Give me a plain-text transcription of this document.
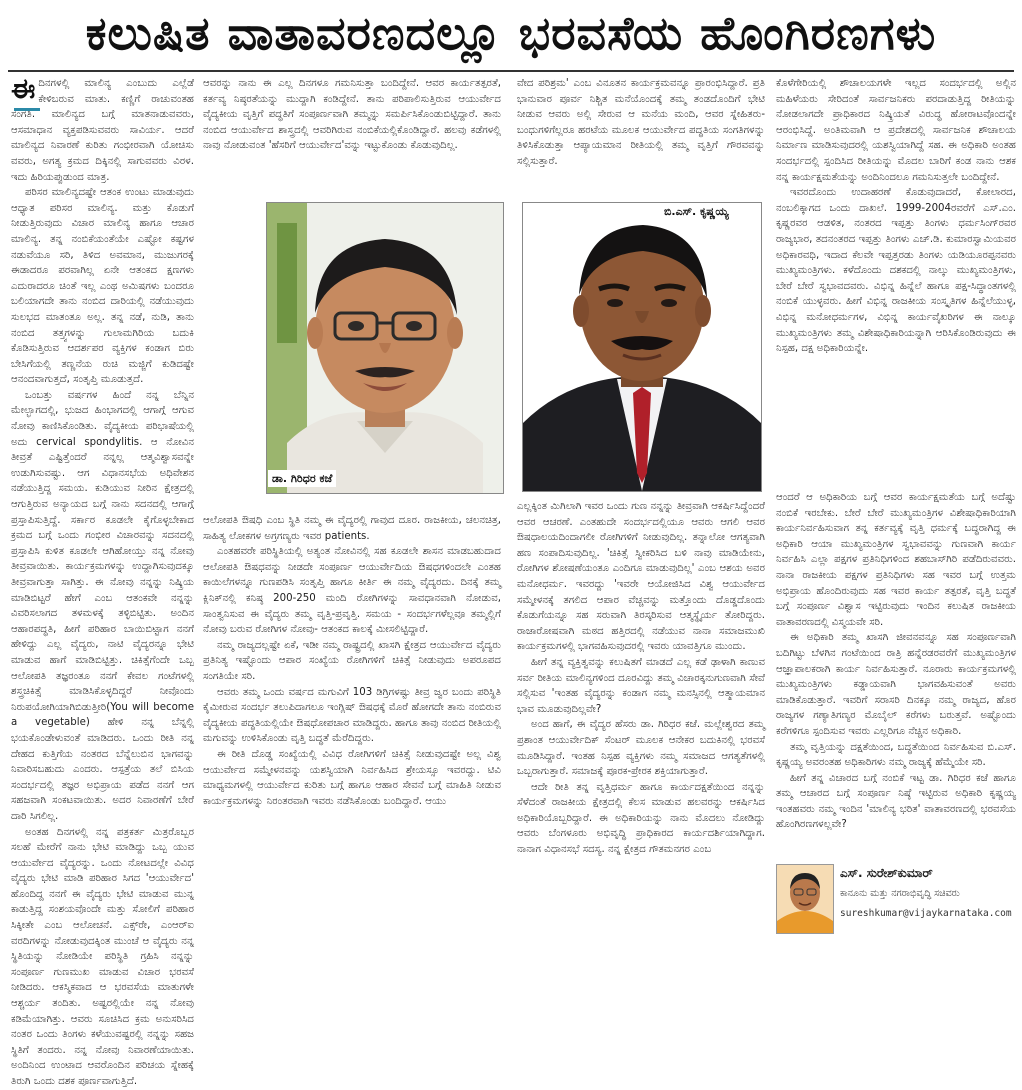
ಕಲುಷಿತ ವಾತಾವರಣದಲ್ಲೂ ಭರವಸೆಯ ಹೊಂಗಿರಣಗಳು

ಈದಿನಗಳಲ್ಲಿ ಮಾಲಿನ್ಯ ಎಂಬುದು ಎಲ್ಲೆಡೆ ಕೇಳಿಬರುವ ಮಾತು. ಕಣ್ಣಿಗೆ ರಾಚುವಂತಹ ಸಂಗತಿ. ಮಾಲಿನ್ಯದ ಬಗ್ಗೆ ಮಾತನಾಡುವವರು, ಆಸಮಾಧಾನ ವ್ಯಕ್ತಪಡಿಸುವವರು ಸಾವಿರ್ಯ. ಆದರೆ ಮಾಲಿನ್ಯದ ನಿವಾರಣೆ ಕುರಿತು ಗಂಭೀರವಾಗಿ ಯೋಚಿಸು ವವರು, ಅಗತ್ಯ ಕ್ರಮದ ದಿಕ್ಕಿನಲ್ಲಿ ಸಾಗುವವರು ವಿರಳ. ಇದು ಹಿರಿಯಪ್ಪುಡುಂದ ಮಾತ್ರ.

ಪರಿಸರ ಮಾಲಿನ್ಯದಷ್ಟೇ ಆತಂಕ ಉಂಟು ಮಾಡುವುದು ಆಧ್ಯಾತ ಪರಿಸರ ಮಾಲಿನ್ಯ. ಮತ್ತು ಕೊಡುಗೆ ನೀಡುತ್ತಿರುವುದು ವಿಚಾರ ಮಾಲಿನ್ಯ ಹಾಗೂ ಆಚಾರ ಮಾಲಿನ್ಯ. ತನ್ನ ನಂಬಿಕೆಯಂತೆಯೇ ಎಷ್ಟೋ ಕಷ್ಟಗಳ ನಡುವೆಯೂ ಸರಿ, ತಿಳಿದ ಅವಮಾನ, ಮುಜುಗರಕ್ಕೆ ಈಡಾದರೂ ಪರವಾಗಿಲ್ಲ ಏನೇ ಆತಂಕದ ಕ್ಷಣಗಳು ಎದುರಾದರೂ ಚಿಂತೆ ಇಲ್ಲ ಎಂಥ ಅಮಿಷಗಳು ಬಂದರೂ ಬಲಿಯಾಗದೇ ತಾನು ನಂಬಿದ ದಾರಿಯಲ್ಲಿ ನಡೆಯುವುದು ಸುಲಭದ ಮಾತಂತೂ ಅಲ್ಲ. ತನ್ನ ನಡೆ, ನುಡಿ, ತಾನು ನಂಬಿದ ತತ್ತ್ವಗಳನ್ನು ಗುಲಾಮಗಿರಿಯ ಬದುಕಿ ಕೊಡಿಸುತ್ತಿರುವ ಆದರ್ಶಪರ ವ್ಯಕ್ತಿಗಳ ಕಂಡಾಗ ಬಿರು ಬೇಸಿಗೆಯಲ್ಲಿ ತಣ್ಣನೆಯ ರುಚಿ ಮಜ್ಜಿಗೆ ಕುಡಿದಷ್ಟೇ ಆನಂದವಾಗುತ್ತದೆ, ಸಂತೃಪ್ತಿ ಮೂಡುತ್ತದೆ.

ಒಂಬತ್ತು ವರ್ಷಗಳ ಹಿಂದೆ ನನ್ನ ಬೆನ್ನಿನ ಮೇಲ್ಭಾಗದಲ್ಲಿ, ಭುಜದ ಹಿಂಭಾಗದಲ್ಲಿ ಆಗಾಗ್ಗೆ ಆಗುವ ನೋವು ಕಾಣಿಸಿಕೊಂಡಿತು. ವೈದ್ಯಕೀಯ ಪರಿಭಾಷೆಯಲ್ಲಿ ಅದು cervical spondylitis. ಆ ನೋವಿನ ತೀವ್ರತೆ ಎಷ್ಟಿತ್ತೆಂದರೆ ನನ್ನಲ್ಲ ಆತ್ಮವಿಶ್ವಾಸವನ್ನೇ ಉಡುಗಿಸುವಷ್ಟು. ಆಗ ವಿಧಾನಸಭೆಯ ಅಧಿವೇಶನ ನಡೆಯುತ್ತಿದ್ದ ಸಮಯ. ಕುಡಿಯುವ ನೀರಿನ ಕ್ಷೇತ್ರದಲ್ಲಿ ಆಗುತ್ತಿರುವ ಅನ್ಯಾಯದ ಬಗ್ಗೆ ನಾನು ಸದನದಲ್ಲಿ ಆಗಾಗ್ಗೆ ಪ್ರಸ್ತಾಪಿಸುತ್ತಿದ್ದೆ. ಸರ್ಕಾರ ಕೂಡಲೇ ಕೈಗೊಳ್ಳಬೇಕಾದ ಕ್ರಮದ ಬಗ್ಗೆ ಒಂದು ಗಂಭೀರ ವಿಚಾರವನ್ನು ಸದನದಲ್ಲಿ ಪ್ರಸ್ತಾಪಿಸಿ ಕುಳಿತ ಕೂಡಲೇ ಆಗಿಹೋಯ್ತು ನನ್ನ ನೋವು ತೀವ್ರವಾಯಿತು. ಕಾರ್ಯಕ್ರಮಗಳನ್ನು ಉದ್ದಾಗಿಸುವುದಕ್ಕೂ ತೀವ್ರವಾಗುತ್ತಾ ಸಾಗಿತ್ತು. ಈ ನೋವು ನನ್ನನ್ನು ನಿಷ್ಕ್ರಿಯ ಮಾಡಿಬಿಟ್ಟರೆ ಹೇಗೆ ಎಂಬ ಆತಂಕವೇ ನನ್ನನ್ನು ವಿವರಿಸಲಾಗದ ತಳಮಳಕ್ಕೆ ತಳ್ಳಿಬಿಟ್ಟಿತು. ಅಂದಿನ ಆಹಾರಪದ್ಧತಿ, ಹೀಗೆ ಪರಿಹಾರ ಬಾಯಿಬಿಟ್ಟಾಗ ನನಗೆ ಹೇಳಿದ್ದು ಎಲ್ಲ ವೈದ್ಯರು, ನಾಟಿ ವೈದ್ಯರನ್ನೂ ಭೇಟಿ ಮಾಡುವ ಹಾಗೆ ಮಾಡಿಬಿಟ್ಟಿತ್ತು. ಚಿಕಿತ್ಸೆಗೆಂದೇ ಒಬ್ಬ ಆಲೋಪತಿ ತಜ್ಞರಂತೂ ನನಗೆ ಕೇವಲ ಗಂಟೆಗಳಲ್ಲಿ ಶಸ್ತ್ರಚಿಕಿತ್ಸೆ ಮಾಡಿಸಿಕೊಳ್ಳದಿದ್ದರೆ ನೀವೊಂದು ನಿರುಪಯೋಗಿಯಾಗಿಬಿಡುತ್ತೀರಿ(You will become a vegetable) ಹೇಳಿ ನನ್ನ ಬೆನ್ನಲ್ಲಿ ಭಯಕೊಂಡೇಳುವಂತೆ ಮಾಡಿದರು. ಒಂದು ರೀತಿ ನನ್ನ ದೇಹದ ಕುತ್ತಿಗೆಯ ನಂತರದ ಬೆನ್ನೆಲುಬಿನ ಭಾಗವನ್ನು ನಿವಾರಿಸಬಹುದು ಎಂದರು. ಆಸ್ಪತ್ರೆಯ ತಲೆ ಬಿಸಿಯ ಸಂದರ್ಭದಲ್ಲಿ ತಜ್ಞರ ಅಭಿಪ್ರಾಯ ಪಡೆದ ನನಗೆ ಆಗ ಸಹಜವಾಗಿ ಸಂಕಟವಾಯಿತು. ಅದರ ನಿವಾರಣೆಗೆ ಬೇರೆ ದಾರಿ ಸಿಗಲಿಲ್ಲ.

ಅಂತಹ ದಿನಗಳಲ್ಲಿ ನನ್ನ ಪತ್ರಕರ್ತ ಮಿತ್ರರೊಬ್ಬರ ಸಲಹೆ ಮೇರೆಗೆ ನಾನು ಭೇಟಿ ಮಾಡಿದ್ದು ಒಬ್ಬ ಯುವ ಆಯುರ್ವೇದ ವೈದ್ಯರನ್ನು. ಒಂದು ನೋಟದಲ್ಲೇ ವಿವಿಧ ವೈದ್ಯರು ಭೇಟಿ ಮಾಡಿ ಪರಿಹಾರ ಸಿಗದ 'ಆಯುರ್ವೇದ' ಹೊಂದಿದ್ದ ನನಗೆ ಈ ವೈದ್ಯರು ಭೇಟಿ ಮಾಡುವ ಮುನ್ನ ಕಾಡುತ್ತಿದ್ದ ಸಂಶಯವೊಂದೇ ಮತ್ತು ಸೋಲಿಗೆ ಪರಿಹಾರ ಸಿಕ್ಕೀತೇ ಎಂಬ ಆಲೋಚನೆ. ಎಕ್ಸ್‌ರೇ, ಎಂಆರ್‌ಐ ವರದಿಗಳನ್ನು ನೋಡುವುದಕ್ಕಿಂತ ಮುಂಚೆ ಆ ವೈದ್ಯರು ನನ್ನ ಸ್ಥಿತಿಯನ್ನು ನೋಡಿಯೇ ಪರಿಸ್ಥಿತಿ ಗ್ರಹಿಸಿ ನನ್ನನ್ನು ಸಂಪೂರ್ಣ ಗುಣಮುಖ ಮಾಡುವ ವಿಚಾರ ಭರವಸೆ ನೀಡಿದರು. ಆಕಸ್ಮಿಕವಾದ ಆ ಭರವಸೆಯ ಮಾತುಗಳೇ ಆಶ್ಚರ್ಯ ತಂದಿತು. ಅಷ್ಟರಲ್ಲಿಯೇ ನನ್ನ ನೋವು ಕಡಿಮೆಯಾಗಿತ್ತು. ಆವರು ಸೂಚಿಸಿದ ಕ್ರಮ ಅನುಸರಿಸಿದ ನಂತರ ಒಂದು ತಿಂಗಳು ಕಳೆಯುವಷ್ಟರಲ್ಲಿ ನನ್ನನ್ನು ಸಹಜ ಸ್ಥಿತಿಗೆ ತಂದರು. ನನ್ನ ನೋವು ನಿವಾರಣೆಯಾಯಿತು. ಅಂದಿನಿಂದ ಉಂಟಾದ ಆವರೊಂದಿನ ಪರಿಚಯ ಸ್ನೇಹಕ್ಕೆ ತಿರುಗಿ ಒಂದು ದಶಕ ಪೂರ್ಣವಾಗುತ್ತಿದೆ.

ಆವರನ್ನು ನಾನು ಈ ಎಲ್ಲ ದಿನಗಳೂ ಗಮನಿಸುತ್ತಾ ಬಂದಿದ್ದೇನೆ. ಆವರ ಕಾರ್ಯತತ್ಪರತೆ, ಕರ್ತವ್ಯ ನಿಷ್ಠರತೆಯನ್ನು ಮುದ್ದಾಗಿ ಕಂಡಿದ್ದೇನೆ. ತಾನು ಪರಿಪಾಲಿಸುತ್ತಿರುವ ಆಯುರ್ವೇದ ವೈದ್ಯಕೀಯ ವೃತ್ತಿಗೆ ಪದ್ಧತಿಗೆ ಸಂಪೂರ್ಣವಾಗಿ ತಮ್ಮನ್ನು ಸಮರ್ಪಿಸಿಕೊಂಡುಬಿಟ್ಟಿದ್ದಾರೆ. ತಾನು ನಂಬಿದ ಆಯುರ್ವೇದ ಶಾಸ್ತ್ರದಲ್ಲಿ ಆವರಿಗಿರುವ ನಂಬಿಕೆಯಲ್ಲಿಕೊಂಡಿದ್ದಾರೆ. ಹಲವು ಕಡೆಗಳಲ್ಲಿ ನಾವು ನೋಡುವಂತ 'ಹೆಸರಿಗೆ ಆಯುರ್ವೇದ'ವನ್ನು ಇಟ್ಟುಕೊಂಡು ಕೊಡುವುದಿಲ್ಲ.

ವೇದ ಪರಿಶ್ರಮ' ಎಂಬ ವಿನೂತನ ಕಾರ್ಯಕ್ರಮವನ್ನೂ ಪ್ರಾರಂಭಿಸಿದ್ದಾರೆ. ಪ್ರತಿ ಭಾನುವಾರ ಪೂರ್ವ ನಿಶ್ಚಿತ ಮನೆಯೊಂದಕ್ಕೆ ತಮ್ಮ ತಂಡದೊಂದಿಗೆ ಭೇಟಿ ನೀಡುವ ಆವರು ಅಲ್ಲಿ ಸೇರುವ ಆ ಮನೆಯ ಮಂದಿ, ಆವರ ಸ್ನೇಹಿತರು-ಬಂಧುಗಳಿಗೆಲ್ಲರೂ ಹರಟೆಯ ಮೂಲಕ ಆಯುರ್ವೇದ ಪದ್ಧತಿಯ ಸಂಗತಿಗಳನ್ನು ತಿಳಿಸಿಕೊಡುತ್ತಾ ಆಪ್ಯಾಯಮಾನ ರೀತಿಯಲ್ಲಿ ತಮ್ಮ ವೃತ್ತಿಗೆ ಗೌರವವನ್ನು ಸಲ್ಲಿಸುತ್ತಾರೆ.

ಡಾ. ಗಿರಿಧರ ಕಜೆ
ಬಿ.ಎಸ್. ಕೃಷ್ಣಯ್ಯ

ಆಲೋಪತಿ ಔಷಧಿ ಎಂಬ ಸ್ಥಿತಿ ನಮ್ಮ ಈ ವೈದ್ಯರಲ್ಲಿ ಗಾವುದ ದೂರ. ರಾಜಕೀಯ, ಚಲನಚಿತ್ರ, ಸಾಹಿತ್ಯ ಲೋಕಗಳ ಅಗ್ರಗಣ್ಯರು ಇವರ patients.

ಎಂತಹವರೇ ಪರಿಸ್ಥಿತಿಯಲ್ಲಿ ಅತ್ಯಂತ ನೋವಿನಲ್ಲಿ ಸಹ ಕೂಡಲೇ ಶಾಸನ ಮಾಡಬಹುದಾದ ಆಲೋಪತಿ ಔಷಧವನ್ನು ನೀಡದೇ ಸಂಪೂರ್ಣ ಆಯುರ್ವೇದಿಯ ಔಷಧಗಳಿಂದಲೇ ಎಂತಹ ಕಾಯಿಲೆಗಳನ್ನೂ ಗುಣಪಡಿಸಿ ಸಂತೃಪ್ತಿ ಹಾಗೂ ಕೀರ್ತಿ ಈ ನಮ್ಮ ವೈದ್ಯರದು. ದಿನಕ್ಕೆ ತಮ್ಮ ಕ್ಲಿನಿಕ್‌ನಲ್ಲಿ ಕನಿಷ್ಠ 200-250 ಮಂದಿ ರೋಗಿಗಳನ್ನು ಸಾವಧಾನವಾಗಿ ನೋಡುವ, ಸಾಂತ್ವನಿಸುವ ಈ ವೈದ್ಯರು ತಮ್ಮ ವೃತ್ತಿ-ಪ್ರವೃತ್ತಿ. ಸಮಯ - ಸಂದರ್ಭಗಳೆಲ್ಲವೂ ತಮ್ಮಲ್ಲಿಗೆ ನೋವು ಬರುವ ರೋಗಿಗಳ ನೋವು- ಆತಂಕದ ಕಾಲಕ್ಕೆ ಮೀಸಲಿಟ್ಟಿದ್ದಾರೆ.

ನಮ್ಮ ರಾಜ್ಯದಲ್ಲಷ್ಟೇ ಏಕೆ, ಇಡೀ ನಮ್ಮ ರಾಷ್ಟ್ರದಲ್ಲಿ ಖಾಸಗಿ ಕ್ಷೇತ್ರದ ಆಯುರ್ವೇದ ವೈದ್ಯರು ಪ್ರತಿನಿತ್ಯ ಇಷ್ಟೊಂದು ಆಪಾರ ಸಂಖ್ಯೆಯ ರೋಗಿಗಳಿಗೆ ಚಿಕಿತ್ಸೆ ನೀಡುವುದು ಅಪರೂಪದ ಸಂಗತಿಯೇ ಸರಿ.

ಆವರು ತಮ್ಮ ಒಂದು ವರ್ಷದ ಮಗುವಿಗೆ 103 ಡಿಗ್ರಿಗಳಷ್ಟು ತೀವ್ರ ಜ್ವರ ಬಂದು ಪರಿಸ್ಥಿತಿ ಕೈಮೀರುವ ಸಂದರ್ಭ ತಲುಪಿದಾಗಲೂ ಇಂಗ್ಲಿಷ್ ಔಷಧಕ್ಕೆ ಮೊರೆ ಹೋಗದೇ ತಾನು ನಂಬಿರುವ ವೈದ್ಯಕೀಯ ಪದ್ಧತಿಯಲ್ಲಿಯೇ ಔಷಧೋಪಚಾರ ಮಾಡಿದ್ದರು. ಹಾಗೂ ತಾವು ನಂಬಿದ ರೀತಿಯಲ್ಲಿ ಮಗುವನ್ನು ಉಳಿಸಿಕೊಂಡು ವೃತ್ತಿ ಬದ್ಧತೆ ಮೆರೆದಿದ್ದರು.

ಈ ರೀತಿ ದೊಡ್ಡ ಸಂಖ್ಯೆಯಲ್ಲಿ ವಿವಿಧ ರೋಗಿಗಳಿಗೆ ಚಿಕಿತ್ಸೆ ನೀಡುವುದಷ್ಟೇ ಅಲ್ಲ ವಿಶ್ವ ಆಯುರ್ವೇದ ಸಮ್ಮೇಳನವನ್ನು ಯಶಸ್ವಿಯಾಗಿ ನಿರ್ವಹಿಸಿದ ಶ್ರೇಯಸ್ಸೂ ಇವರದ್ದು. ಟಿವಿ ಮಾಧ್ಯಮಗಳಲ್ಲಿ ಆಯುರ್ವೇದ ಕುರಿತು ಬಗ್ಗೆ ಹಾಗೂ ಆಹಾರ ಸೇವನೆ ಬಗ್ಗೆ ಮಾಹಿತಿ ನೀಡುವ ಕಾರ್ಯಕ್ರಮಗಳನ್ನು ನಿರಂತರವಾಗಿ ಇವರು ನಡೆಸಿಕೊಂಡು ಬಂದಿದ್ದಾರೆ. ಆಯು

ಎಲ್ಲಕ್ಕಿಂತ ಮಿಗಿಲಾಗಿ ಇವರ ಒಂದು ಗುಣ ನನ್ನನ್ನು ತೀವ್ರವಾಗಿ ಆಕರ್ಷಿಸಿದ್ದೆಂದರೆ ಆವರ ಆಚರಣೆ. ಎಂತಹುದೇ ಸಂದರ್ಭದಲ್ಲಿಯೂ ಆವರು ಆಗಲಿ ಆವರ ಔಷಧಾಲಯದಿಂದಾಗಲೀ ರೋಗಿಗಳಿಗೆ ನೀಡುವುದಿಲ್ಲ. ತನ್ನಾಲೋ ಆಗತ್ಯವಾಗಿ ಹಣ ಸಂಪಾದಿಸುವುದಿಲ್ಲ. 'ಚಿಕಿತ್ಸೆ ಸ್ವೀಕರಿಸಿದ ಬಳಿ ನಾವು ಮಾಡಿಯೇನು, ರೋಗಿಗಳ ಶೋಷಣೆಯಂತೂ ಎಂದಿಗೂ ಮಾಡುವುದಿಲ್ಲ' ಎಂಬ ಆಶಯ ಅವರ ಮನೋಧರ್ಮ. ಇವರದ್ದು 'ಇವರೇ ಆಯೋಜಿಸಿದ ವಿಶ್ವ ಆಯುರ್ವೇದ ಸಮ್ಮೇಳನಕ್ಕೆ ತಗಲಿದ ಆಪಾರ ವೆಚ್ಚವನ್ನು ಮತ್ತೊಂದು ದೊಡ್ಡದೊಂದು ಕೊಡುಗೆಯನ್ನೂ ಸಹ ಸರುವಾಗಿ ತಿರಸ್ಕರಿಸುವ ಆತ್ಮಸ್ಥೈರ್ಯ ತೋರಿದ್ದರು. ರಾಜಾರೋಷವಾಗಿ ಮಠದ ಹತ್ತಿರದಲ್ಲಿ ನಡೆಯುವ ನಾನಾ ಸಮಾಜಮುಖಿ ಕಾರ್ಯಕ್ರಮಗಳಲ್ಲಿ ಭಾಗವಹಿಸುವುದರಲ್ಲಿ ಇವರು ಯಾವತ್ತಿಗೂ ಮುಂದು.

ಹೀಗೆ ತನ್ನ ವ್ಯಕ್ತಿತ್ವವನ್ನು ಕಲುಷಿತಗೆ ಮಾಡದೆ ಎಲ್ಲ ಕಡೆ ಢಾಳಾಗಿ ಕಾಣುವ ಸರ್ವ ರೀತಿಯ ಮಾಲಿನ್ಯಗಳಿಂದ ದೂರವಿದ್ದು ತಮ್ಮ ವಿಚಾರಕ್ಕನುಗುಣವಾಗಿ ಸೇವೆ ಸಲ್ಲಿಸುವ 'ಇಂತಹ ವೈದ್ಯರನ್ನು ಕಂಡಾಗ ನಮ್ಮ ಮನಸ್ಸಿನಲ್ಲಿ ಆತ್ಮಾಯಮಾನ ಭಾವ ಮೂಡುವುದಿಲ್ಲವೇ?

ಅಂದ ಹಾಗೆ, ಈ ವೈದ್ಯರ ಹೆಸರು ಡಾ. ಗಿರಿಧರ ಕಜೆ. ಮಲ್ಲೇಶ್ವರದ ತಮ್ಮ ಪ್ರಶಾಂತ ಆಯುರ್ವೇದಿಕ್ ಸೆಂಟರ್ ಮೂಲಕ ಆನೇಕರ ಬದುಕಿನಲ್ಲಿ ಭರವಸೆ ಮೂಡಿಸಿದ್ದಾರೆ. ಇಂತಹ ನಿಸ್ಪಹ ವ್ಯಕ್ತಿಗಳು ನಮ್ಮ ಸಮಾಜದ ಆಗತ್ಯತೆಗಳಲ್ಲಿ ಒಬ್ಬರಾಗುತ್ತಾರೆ. ಸಮಾಜಕ್ಕೆ ಪೂರಕ-ಪ್ರೇರಕ ಶಕ್ತಿಯಾಗುತ್ತಾರೆ.

ಆದೇ ರೀತಿ ತನ್ನ ವೃತ್ತಿಧರ್ಮ ಹಾಗೂ ಕಾರ್ಯದಕ್ಷತೆಯಿಂದ ನನ್ನನ್ನು ಸೆಳೆದಂತೆ ರಾಜಕೀಯ ಕ್ಷೇತ್ರದಲ್ಲಿ ಕೆಲಸ ಮಾಡುವ ಹಲವರನ್ನು ಆಕರ್ಷಿಸಿದ ಅಧಿಕಾರಿಯೊಬ್ಬರಿದ್ದಾರೆ. ಈ ಅಧಿಕಾರಿಯನ್ನು ನಾನು ಮೊದಲು ನೋಡಿದ್ದು ಆವರು ಬೆಂಗಳೂರು ಅಭಿವೃದ್ಧಿ ಪ್ರಾಧಿಕಾರದ ಕಾರ್ಯದರ್ಶಿಯಾಗಿದ್ದಾಗ. ನಾನಾಗ ವಿಧಾನಸಭೆ ಸದಸ್ಯ. ನನ್ನ ಕ್ಷೇತ್ರದ ಗೌತಮನಗರ ಎಂಬ

ಕೊಳೆಗೇರಿಯಲ್ಲಿ ಶೌಚಾಲಯಗಳೇ ಇಲ್ಲದ ಸಂದರ್ಭದಲ್ಲಿ ಅಲ್ಲಿನ ಮಹಿಳೆಯರು ಸೇರಿದಂತೆ ಸಾರ್ವಜನಿಕರು ಪರದಾಡುತ್ತಿದ್ದ ರೀತಿಯನ್ನು ನೋಡಲಾಗದೇ ಪ್ರಾಧಿಕಾರದ ನಿಷ್ಕ್ರಿಯತೆ ವಿರುದ್ಧ ಹೋರಾಟವೊಂದನ್ನೇ ಆರಂಭಿಸಿದ್ದೆ. ಅಂತಿಮವಾಗಿ ಆ ಪ್ರದೇಶದಲ್ಲಿ ಸಾರ್ವಜನಿಕ ಶೌಚಾಲಯ ನಿರ್ಮಾಣ ಮಾಡಿಸುವುದರಲ್ಲಿ ಯಶಸ್ವಿಯಾಗಿದ್ದೆ ಸಹ. ಈ ಅಧಿಕಾರಿ ಅಂತಹ ಸಂದರ್ಭದಲ್ಲಿ ಸ್ಪಂದಿಸಿದ ರೀತಿಯನ್ನು ಮೊದಲ ಬಾರಿಗೆ ಕಂಡ ನಾನು ಆಶಕ ನನ್ನ ಕಾರ್ಯಕ್ಷಮತೆಯನ್ನು ಅಂದಿನಿಂದಲೂ ಗಮನಿಸುತ್ತಲೇ ಬಂದಿದ್ದೇನೆ.

ಇವರದೊಂದು ಉದಾಹರಣೆ ಕೊಡುವುದಾದರೆ, ಕೋಲಾರದ, ನಂಬಲಿಕ್ಕಾಗದ ಒಂದು ದಾಖಲೆ. 1999-2004ರವರೆಗೆ ಎಸ್.ಎಂ. ಕೃಷ್ಣರವರ ಆಡಳಿತ, ನಂತರದ ಇಪ್ಪತ್ತು ತಿಂಗಳು ಧರ್ಮಸಿಂಗ್‌ರವರ ರಾಜ್ಯಭಾರ, ತದನಂತರದ ಇಪ್ಪತ್ತು ತಿಂಗಳು ಎಚ್.ಡಿ. ಕುಮಾರಸ್ವಾಮಿಯವರ ಅಧಿಕಾರವಧಿ, ಇದಾದ ಕೆಲವೇ ಇಪ್ಪತ್ತರಡು ತಿಂಗಳು ಯಡಿಯೂರಪ್ಪನವರು ಮುಖ್ಯಮಂತ್ರಿಗಳು. ಕಳೆದೊಂದು ದಶಕದಲ್ಲಿ ನಾಲ್ಕು ಮುಖ್ಯಮಂತ್ರಿಗಳು, ಬೇರೆ ಬೇರೆ ಸ್ವಭಾವದವರು. ವಿಭಿನ್ನ ಹಿನ್ನೆಲೆ ಹಾಗೂ ಪಕ್ಷ-ಸಿದ್ಧಾಂತಗಳಲ್ಲಿ ನಂಬಿಕೆ ಯುಳ್ಳವರು. ಹೀಗೆ ವಿಭಿನ್ನ ರಾಜಕೀಯ ಸಂಸ್ಕೃತಿಗಳ ಹಿನ್ನೆಲೆಯುಳ್ಳ, ವಿಭಿನ್ನ ಮನೋಧರ್ಮಗಳ, ವಿಭಿನ್ನ ಕಾರ್ಯವೈಖರಿಗಳ ಈ ನಾಲ್ಕೂ ಮುಖ್ಯಮಂತ್ರಿಗಳು ತಮ್ಮ ವಿಶೇಷಾಧಿಕಾರಿಯನ್ನಾಗಿ ಆರಿಸಿಕೊಂಡಿರುವುದು ಈ ನಿಸ್ಪಹ, ದಕ್ಷ ಅಧಿಕಾರಿಯನ್ನೇ.

ಆಂದರೆ ಆ ಅಧಿಕಾರಿಯ ಬಗ್ಗೆ ಆವರ ಕಾರ್ಯಕ್ಷಮತೆಯ ಬಗ್ಗೆ ಅದೆಷ್ಟು ನಂಬಿಕೆ ಇರಬೇಕು. ಬೇರೆ ಬೇರೆ ಮುಖ್ಯಮಂತ್ರಿಗಳ ವಿಶೇಷಾಧಿಕಾರಿಯಾಗಿ ಕಾರ್ಯನಿರ್ವಹಿಸುವಾಗ ತನ್ನ ಕರ್ತವ್ಯಕ್ಕೆ ವೃತ್ತಿ ಧರ್ಮಕ್ಕೆ ಬದ್ಧರಾಗಿದ್ದ ಈ ಅಧಿಕಾರಿ ಆಯಾ ಮುಖ್ಯಮಂತ್ರಿಗಳ ಸ್ವಭಾವವನ್ನು ಗುಣವಾಗಿ ಕಾರ್ಯ ನಿರ್ವಹಿಸಿ ಎಲ್ಲಾ ಪಕ್ಷಗಳ ಪ್ರತಿನಿಧಿಗಳಿಂದ ಶಹಬಾಸ್‌ಗಿರಿ ಪಡೆದಿರುವವರು. ನಾನಾ ರಾಜಕೀಯ ಪಕ್ಷಗಳ ಪ್ರತಿನಿಧಿಗಳು ಸಹ ಇವರ ಬಗ್ಗೆ ಉತ್ತಮ ಅಭಿಪ್ರಾಯ ಹೊಂದಿರುವುದು ಸಹ ಇವರ ಕಾರ್ಯ ತತ್ಪರತೆ, ವೃತ್ತಿ ಬದ್ಧತೆ ಬಗ್ಗೆ ಸಂಪೂರ್ಣ ವಿಶ್ವಾಸ ಇಟ್ಟಿರುವುದು ಇಂದಿನ ಕಲುಷಿತ ರಾಜಕೀಯ ವಾತಾವರಣದಲ್ಲಿ ವಿಸ್ಮಯವೇ ಸರಿ.

ಈ ಅಧಿಕಾರಿ ತಮ್ಮ ಖಾಸಗಿ ಜೀವನವನ್ನೂ ಸಹ ಸಂಪೂರ್ಣವಾಗಿ ಬದಿಗಿಟ್ಟು ಬೆಳಗಿನ ಗಂಟೆಯಿಂದ ರಾತ್ರಿ ಹನ್ನೆರಡರವರೆಗೆ ಮುಖ್ಯಮಂತ್ರಿಗಳ ಆಜ್ಞಾಪಾಲಕರಾಗಿ ಕಾರ್ಯ ನಿರ್ವಹಿಸುತ್ತಾರೆ. ನೂರಾರು ಕಾರ್ಯಕ್ರಮಗಳಲ್ಲಿ ಮುಖ್ಯಮಂತ್ರಿಗಳು ಕಡ್ಡಾಯವಾಗಿ ಭಾಗವಹಿಸುವಂತೆ ಅವರು ಮಾಡಿಕೊಡುತ್ತಾರೆ. ಇವರಿಗೆ ಸರಾಸರಿ ದಿನಕ್ಕೂ ನಮ್ಮ ರಾಜ್ಯದ, ಹೊರ ರಾಜ್ಯಗಳ ಗಣ್ಯಾತಿಗಣ್ಯರ ಮೊಬೈಲ್ ಕರೆಗಳು ಬರುತ್ತವೆ. ಅಷ್ಟೊಂದು ಕರೆಗಳಿಗೂ ಸ್ಪಂದಿಸುವ ಇವರು ಎಲ್ಲರಿಗೂ ನೆಚ್ಚಿನ ಅಧಿಕಾರಿ.

ತಮ್ಮ ವೃತ್ತಿಯನ್ನು ದಕ್ಷತೆಯಿಂದ, ಬದ್ಧತೆಯಿಂದ ನಿರ್ವಹಿಸುವ ಬಿ.ಎಸ್. ಕೃಷ್ಣಯ್ಯ ಅವರಂತಹ ಅಧಿಕಾರಿಗಳು ನಮ್ಮ ರಾಜ್ಯಕ್ಕೆ ಹೆಮ್ಮೆಯೇ ಸರಿ.

ಹೀಗೆ ತನ್ನ ವಿಚಾರದ ಬಗ್ಗೆ ನಂಬಿಕೆ ಇಟ್ಟ ಡಾ. ಗಿರಿಧರ ಕಜೆ ಹಾಗೂ ತಮ್ಮ ಆಚಾರದ ಬಗ್ಗೆ ಸಂಪೂರ್ಣ ನಿಷ್ಠೆ ಇಟ್ಟಿರುವ ಅಧಿಕಾರಿ ಕೃಷ್ಣಯ್ಯ ಇಂತಹವರು ನಮ್ಮ ಇಂದಿನ 'ಮಾಲಿನ್ಯ ಭರಿತ' ವಾತಾವರಣದಲ್ಲಿ ಭರವಸೆಯ ಹೊಂಗಿರಣಗಳಲ್ಲವೇ?

ಎಸ್. ಸುರೇಶ್‌ಕುಮಾರ್
ಕಾನೂನು ಮತ್ತು ನಗರಾಭಿವೃದ್ಧಿ ಸಚಿವರು
sureshkumar@vijaykarnataka.com
